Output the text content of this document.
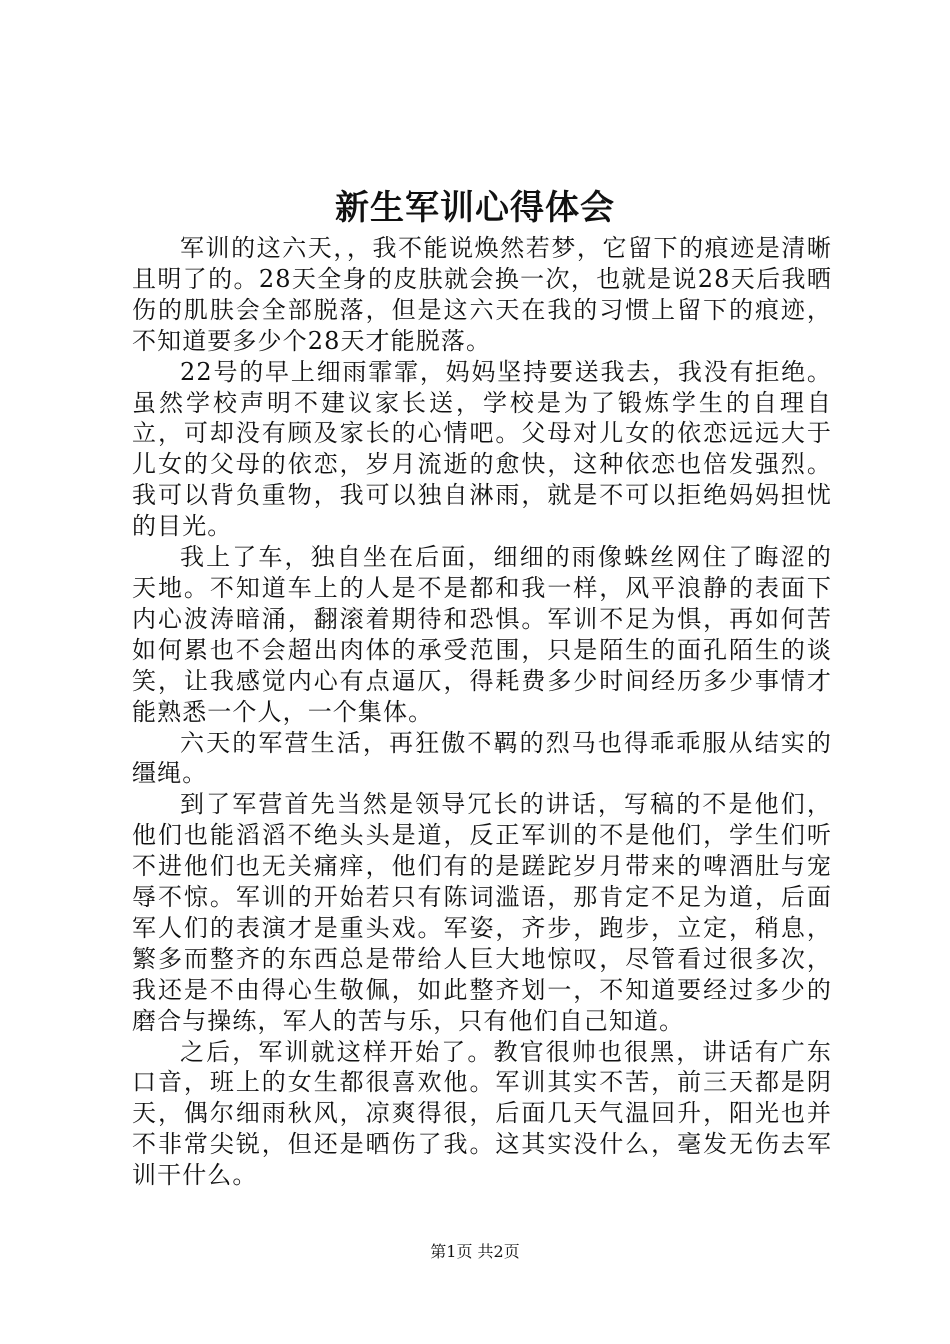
新生军训心得体会

军训的这六天，，我不能说焕然若梦，它留下的痕迹是清晰且明了的。28天全身的皮肤就会换一次，也就是说28天后我晒伤的肌肤会全部脱落，但是这六天在我的习惯上留下的痕迹，不知道要多少个28天才能脱落。

22号的早上细雨霏霏，妈妈坚持要送我去，我没有拒绝。虽然学校声明不建议家长送，学校是为了锻炼学生的自理自立，可却没有顾及家长的心情吧。父母对儿女的依恋远远大于儿女的父母的依恋，岁月流逝的愈快，这种依恋也倍发强烈。我可以背负重物，我可以独自淋雨，就是不可以拒绝妈妈担忧的目光。

我上了车，独自坐在后面，细细的雨像蛛丝网住了晦涩的天地。不知道车上的人是不是都和我一样，风平浪静的表面下内心波涛暗涌，翻滚着期待和恐惧。军训不足为惧，再如何苦如何累也不会超出肉体的承受范围，只是陌生的面孔陌生的谈笑，让我感觉内心有点逼仄，得耗费多少时间经历多少事情才能熟悉一个人，一个集体。

六天的军营生活，再狂傲不羁的烈马也得乖乖服从结实的缰绳。

到了军营首先当然是领导冗长的讲话，写稿的不是他们，他们也能滔滔不绝头头是道，反正军训的不是他们，学生们听不进他们也无关痛痒，他们有的是蹉跎岁月带来的啤酒肚与宠辱不惊。军训的开始若只有陈词滥语，那肯定不足为道，后面军人们的表演才是重头戏。军姿，齐步，跑步，立定，稍息，繁多而整齐的东西总是带给人巨大地惊叹，尽管看过很多次，我还是不由得心生敬佩，如此整齐划一，不知道要经过多少的磨合与操练，军人的苦与乐，只有他们自己知道。

之后，军训就这样开始了。教官很帅也很黑，讲话有广东口音，班上的女生都很喜欢他。军训其实不苦，前三天都是阴天，偶尔细雨秋风，凉爽得很，后面几天气温回升，阳光也并不非常尖锐，但还是晒伤了我。这其实没什么，毫发无伤去军训干什么。

第1页 共2页
